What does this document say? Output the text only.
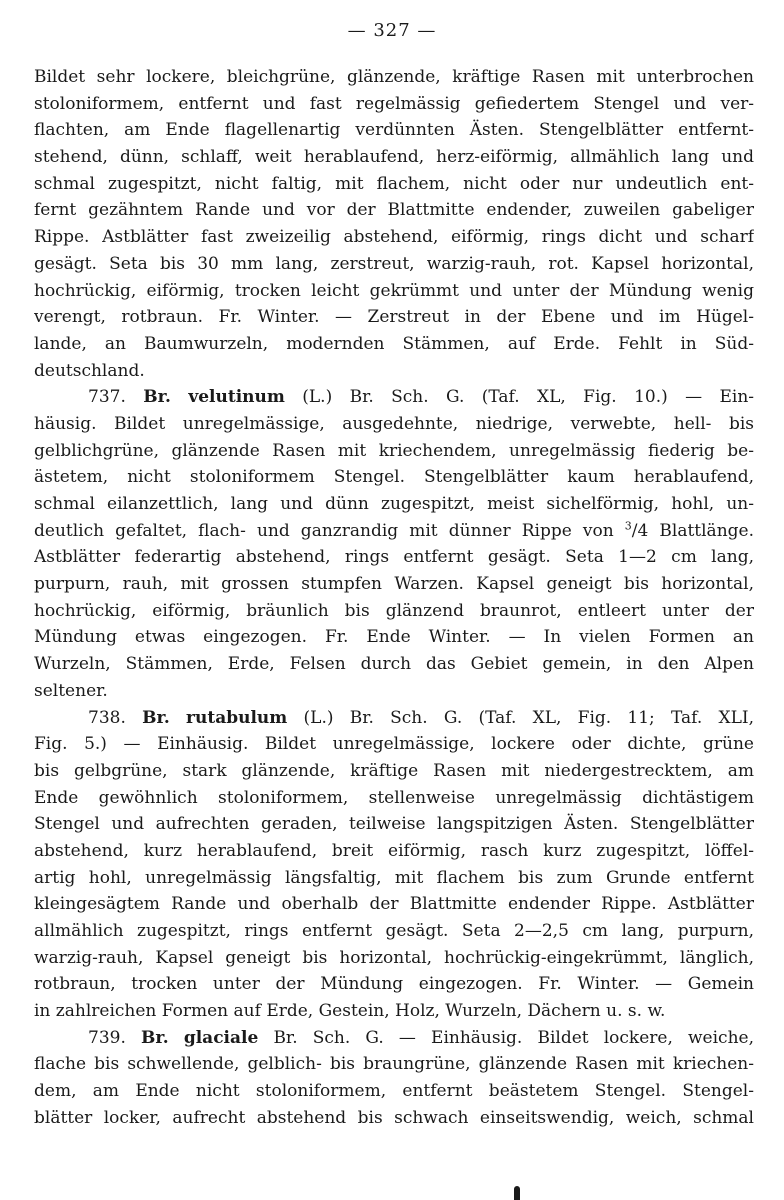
— 327 —
Bildet sehr lockere, bleichgrüne, glänzende, kräftige Rasen mit unterbrochen
stoloniformem, entfernt und fast regelmässig gefiedertem Stengel und ver-
flachten, am Ende flagellenartig verdünnten Ästen. Stengelblätter entfernt-
stehend, dünn, schlaff, weit herablaufend, herz-eiförmig, allmählich lang und
schmal zugespitzt, nicht faltig, mit flachem, nicht oder nur undeutlich ent-
fernt gezähntem Rande und vor der Blattmitte endender, zuweilen gabeliger
Rippe. Astblätter fast zweizeilig abstehend, eiförmig, rings dicht und scharf
gesägt. Seta bis 30 mm lang, zerstreut, warzig-rauh, rot. Kapsel horizontal,
hochrückig, eiförmig, trocken leicht gekrümmt und unter der Mündung wenig
verengt, rotbraun. Fr. Winter. — Zerstreut in der Ebene und im Hügel-
lande, an Baumwurzeln, modernden Stämmen, auf Erde. Fehlt in Süd-
deutschland.
737. Br. velutinum (L.) Br. Sch. G. (Taf. XL, Fig. 10.) — Ein-
häusig. Bildet unregelmässige, ausgedehnte, niedrige, verwebte, hell- bis
gelblichgrüne, glänzende Rasen mit kriechendem, unregelmässig fiederig be-
ästetem, nicht stoloniformem Stengel. Stengelblätter kaum herablaufend,
schmal eilanzettlich, lang und dünn zugespitzt, meist sichelförmig, hohl, un-
deutlich gefaltet, flach- und ganzrandig mit dünner Rippe von $^3$/4 Blattlänge.
Astblätter federartig abstehend, rings entfernt gesägt. Seta 1—2 cm lang,
purpurn, rauh, mit grossen stumpfen Warzen. Kapsel geneigt bis horizontal,
hochrückig, eiförmig, bräunlich bis glänzend braunrot, entleert unter der
Mündung etwas eingezogen. Fr. Ende Winter. — In vielen Formen an
Wurzeln, Stämmen, Erde, Felsen durch das Gebiet gemein, in den Alpen
seltener.
738. Br. rutabulum (L.) Br. Sch. G. (Taf. XL, Fig. 11; Taf. XLI,
Fig. 5.) — Einhäusig. Bildet unregelmässige, lockere oder dichte, grüne
bis gelbgrüne, stark glänzende, kräftige Rasen mit niedergestrecktem, am
Ende gewöhnlich stoloniformem, stellenweise unregelmässig dichtästigem
Stengel und aufrechten geraden, teilweise langspitzigen Ästen. Stengelblätter
abstehend, kurz herablaufend, breit eiförmig, rasch kurz zugespitzt, löffel-
artig hohl, unregelmässig längsfaltig, mit flachem bis zum Grunde entfernt
kleingesägtem Rande und oberhalb der Blattmitte endender Rippe. Astblätter
allmählich zugespitzt, rings entfernt gesägt. Seta 2—2,5 cm lang, purpurn,
warzig-rauh, Kapsel geneigt bis horizontal, hochrückig-eingekrümmt, länglich,
rotbraun, trocken unter der Mündung eingezogen. Fr. Winter. — Gemein
in zahlreichen Formen auf Erde, Gestein, Holz, Wurzeln, Dächern u. s. w.
739. Br. glaciale Br. Sch. G. — Einhäusig. Bildet lockere, weiche,
flache bis schwellende, gelblich- bis braungrüne, glänzende Rasen mit kriechen-
dem, am Ende nicht stoloniformem, entfernt beästetem Stengel. Stengel-
blätter locker, aufrecht abstehend bis schwach einseitswendig, weich, schmal
